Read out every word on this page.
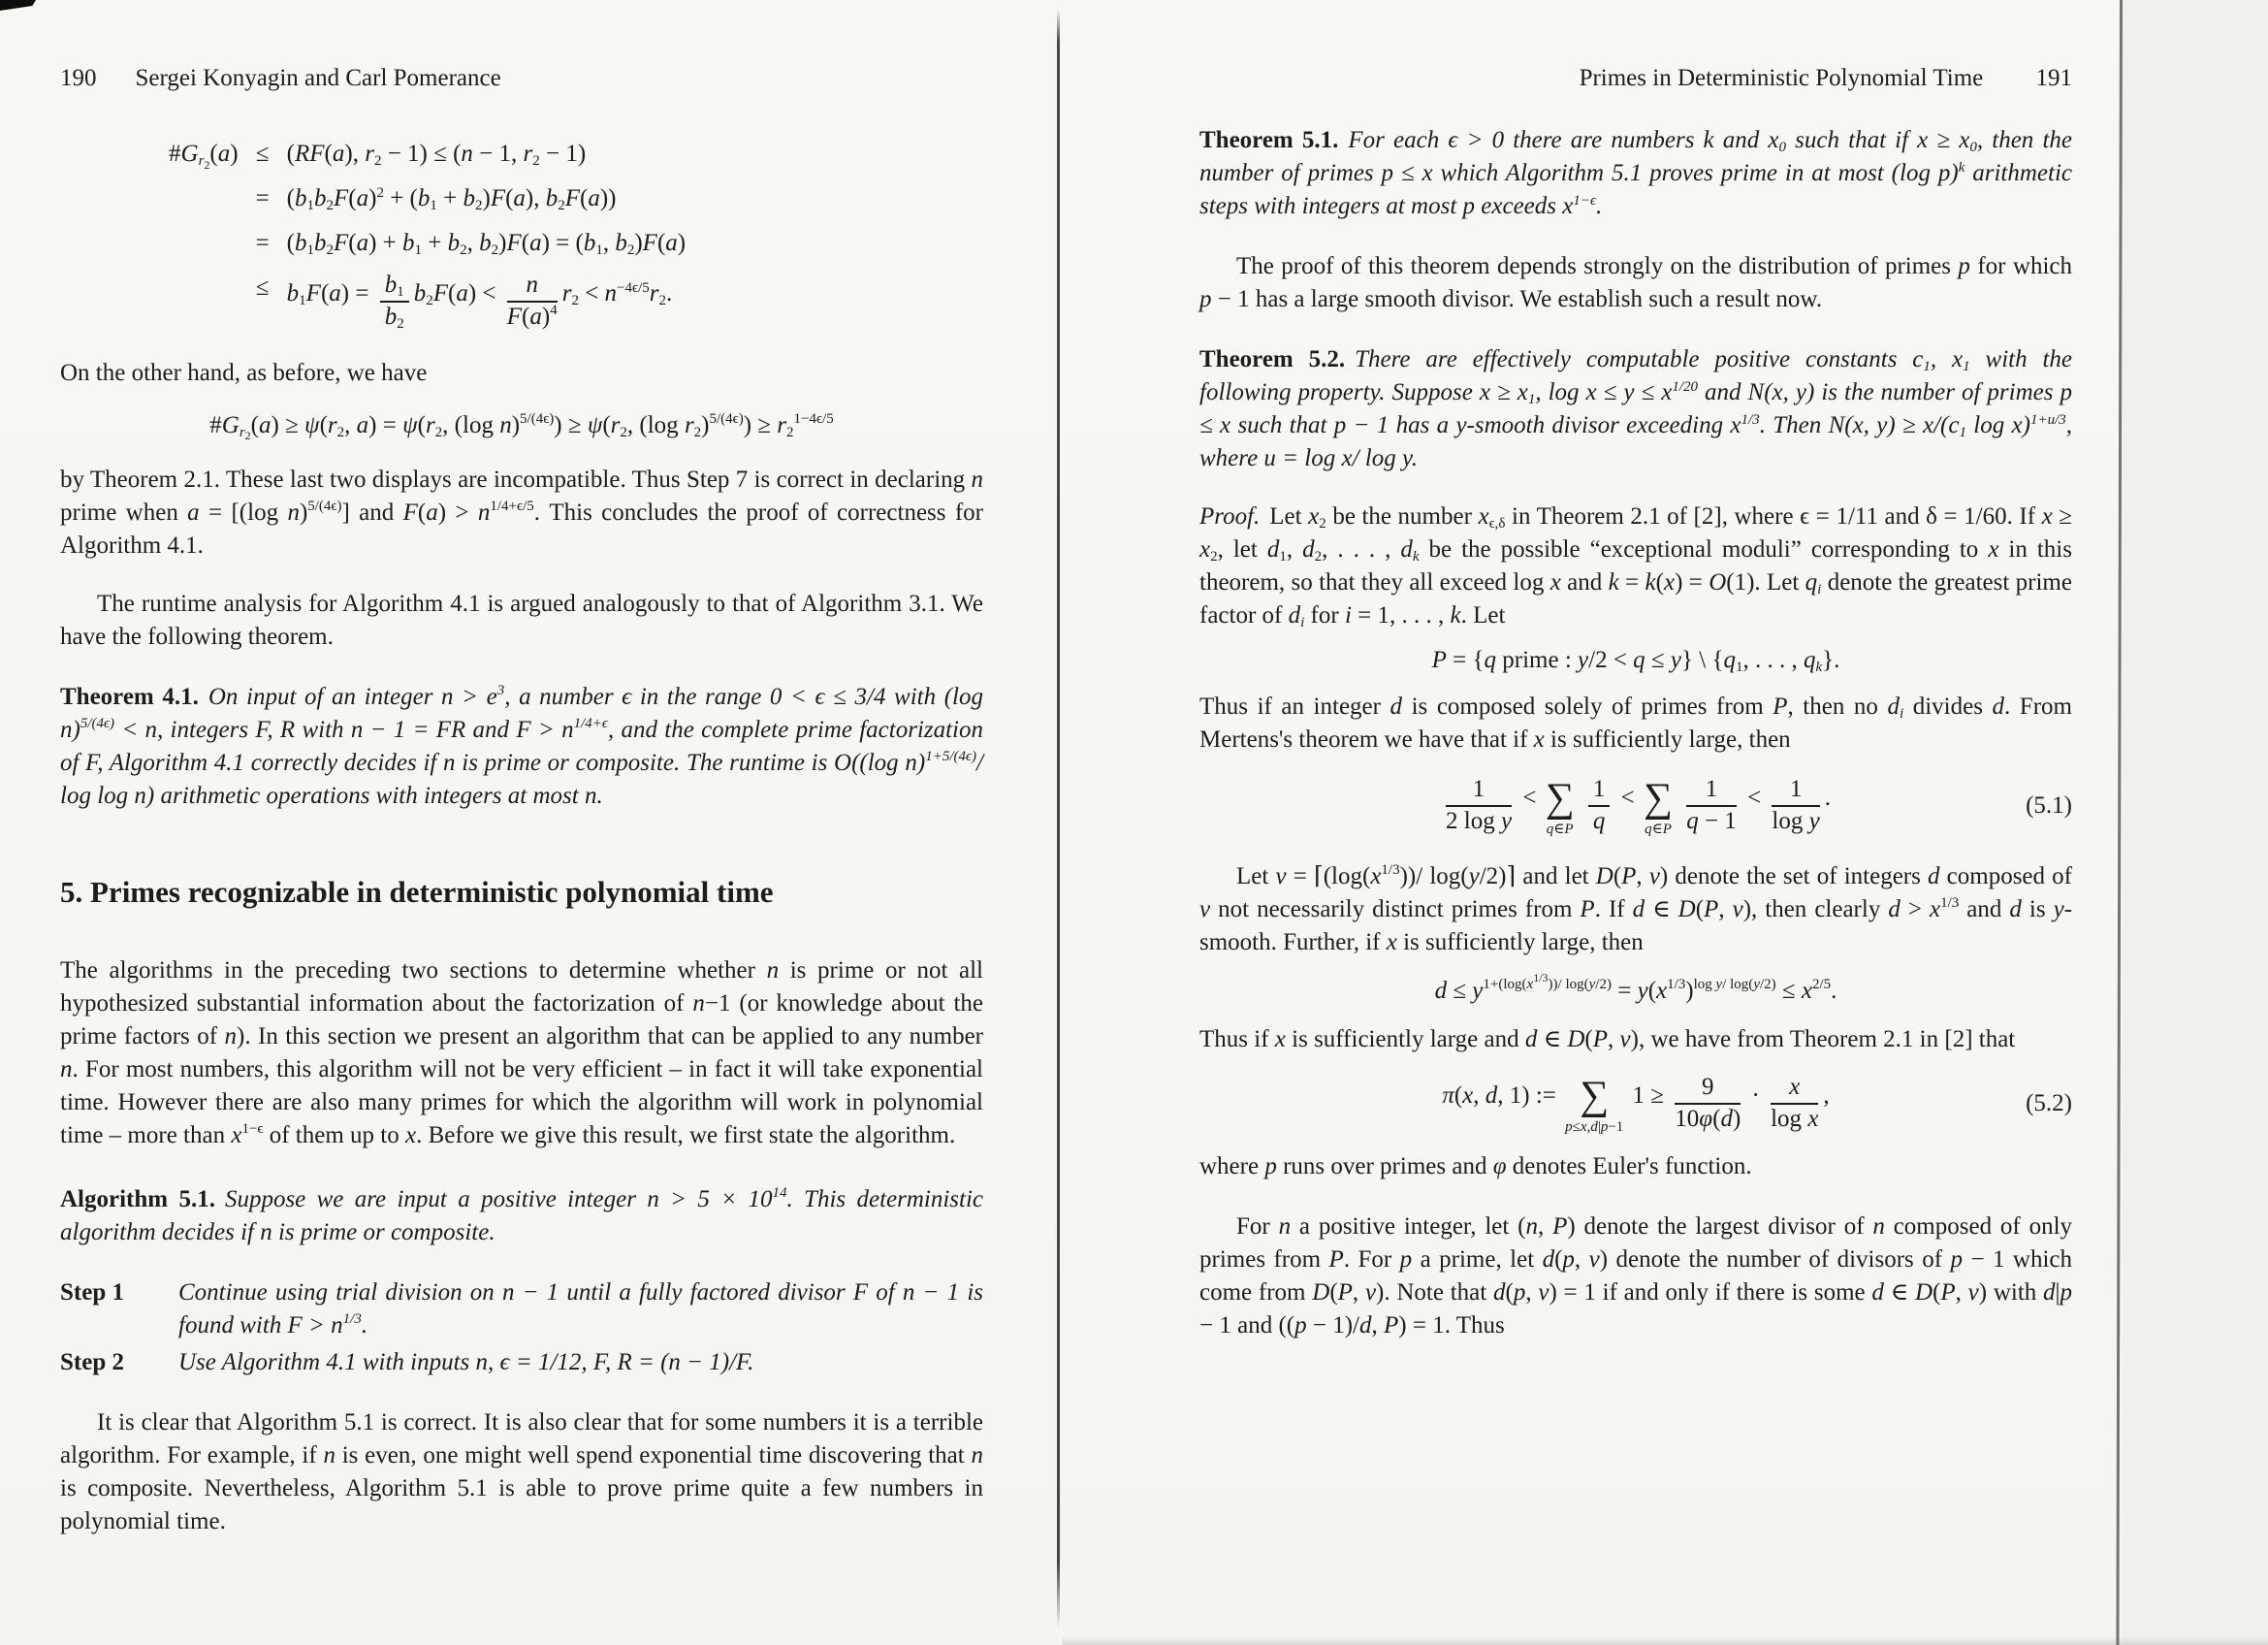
190 Sergei Konyagin and Carl Pomerance
$\#G_{r_2}(a) \le (RF(a)$, $r_2 - 1) \le (n - 1$, $r_2 - 1$)
= ($b_1b_2F(a)^2 + (b_1 + b_2)F(a)$, $b_2F(a)$)
= ($b_1b_2F(a) + b_1 + b_2$, $b_2)F(a) = (b_1$, $b_2)F(a)$
≤ $b_1F(a) = \frac{b_1}{b_2} b_2F(a) < \frac{n}{F(a)^4} r_2 < n^{-4\epsilon/5}r_2$.

On the other hand, as before, we have

$\#G_{r_2}(a) \ge \psi(r_2$, $a) = \psi(r_2$, (log $n)^{5/(4\epsilon)}) \ge \psi(r_2$, (log $r_2)^{5/(4\epsilon)}) \ge r_2^{1-4\epsilon/5}$

by Theorem 2.1. These last two displays are incompatible. Thus Step 7 is correct in declaring n prime when a = [(log n)$^{5/(4\epsilon)}$] and $F(a) > n^{1/4+\epsilon/5}$. This concludes the proof of correctness for Algorithm 4.1.

The runtime analysis for Algorithm 4.1 is argued analogously to that of Algorithm 3.1. We have the following theorem.

Theorem 4.1. On input of an integer $n > e^3$, a number ϵ in the range 0 < ϵ ≤ 3/4 with (log n)$^{5/(4\epsilon)}$ < n, integers F, R with n − 1 = FR and $F > n^{1/4+\epsilon}$, and the complete prime factorization of F, Algorithm 4.1 correctly decides if n is prime or composite. The runtime is O((log n)$^{1+5/(4\epsilon)}$/ log log n) arithmetic operations with integers at most n.

5. Primes recognizable in deterministic polynomial time

The algorithms in the preceding two sections to determine whether n is prime or not all hypothesized substantial information about the factorization of n−1 (or knowledge about the prime factors of n). In this section we present an algorithm that can be applied to any number n. For most numbers, this algorithm will not be very efficient – in fact it will take exponential time. However there are also many primes for which the algorithm will work in polynomial time – more than $x^{1-\epsilon}$ of them up to x. Before we give this result, we first state the algorithm.

Algorithm 5.1. Suppose we are input a positive integer $n > 5 \times 10^{14}$. This deterministic algorithm decides if n is prime or composite.

Step 1	Continue using trial division on n − 1 until a fully factored divisor F of n − 1 is found with $F > n^{1/3}$.
Step 2	Use Algorithm 4.1 with inputs n, ϵ = 1/12, F, R = (n − 1)/F.

It is clear that Algorithm 5.1 is correct. It is also clear that for some numbers it is a terrible algorithm. For example, if n is even, one might well spend exponential time discovering that n is composite. Nevertheless, Algorithm 5.1 is able to prove prime quite a few numbers in polynomial time.

Primes in Deterministic Polynomial Time 191

Theorem 5.1. For each ϵ > 0 there are numbers k and $x_0$ such that if $x \ge x_0$, then the number of primes p ≤ x which Algorithm 5.1 proves prime in at most (log p)$^k$ arithmetic steps with integers at most p exceeds $x^{1-\epsilon}$.

The proof of this theorem depends strongly on the distribution of primes p for which p − 1 has a large smooth divisor. We establish such a result now.

Theorem 5.2. There are effectively computable positive constants $c_1$, $x_1$ with the following property. Suppose $x \ge x_1$, $\log x \le y \le x^{1/20}$ and N(x, y) is the number of primes p ≤ x such that p − 1 has a y-smooth divisor exceeding $x^{1/3}$. Then N(x, $y) \ge x/(c_1$ log x)$^{1+u/3}$, where u = log x/ log y.

Proof. Let $x_2$ be the number $x_{\epsilon,\delta}$ in Theorem 2.1 of [2], where ϵ = 1/11 and δ = 1/60. If $x \ge x_2$, let $d_1$, $d_2$, . . . , $d_k$ be the possible “exceptional moduli” corresponding to x in this theorem, so that they all exceed log x and k = k(x) = O(1). Let $q_i$ denote the greatest prime factor of $d_i$ for i = 1, . . . , k. Let

P = {q prime : y/2 < q ≤ y} \ {$q_1$, . . . , $q_k$}.

Thus if an integer d is composed solely of primes from P, then no $d_i$ divides d. From Mertens's theorem we have that if x is sufficiently large, then

$\frac{1}{\text{2 log y}}$ < ∑
q∈P
$\frac{1}{q}$ < ∑
q∈P
$\frac{1}{q - 1} < \frac{1}{\text{log y}}$ .	(5.1)

Let $v = ⌈(\log(x^{1/3}))/$ log(y/2)⌉ and let D(P, v) denote the set of integers d composed of v not necessarily distinct primes from P. If d ∈ D(P, v), then clearly $d > x^{1/3}$ and d is y-smooth. Further, if x is sufficiently large, then

$d \le y^{1+(log(x^{1/3}))/ log(y/2)} = y(x^{1/3})^{log y/ log(y/2)} \le x^{2/5}$.

Thus if x is sufficiently large and d ∈ D(P, v), we have from Theorem 2.1 in [2] that

π(x, d, 1) := ∑
p≤x,d|p−1
$1 \ge \frac{9}{10\varphi(d)} \cdot \frac{x}{\text{log x}}$ ,	(5.2)

where p runs over primes and φ denotes Euler's function.

For n a positive integer, let (n, P) denote the largest divisor of n composed of only primes from P. For p a prime, let d(p, v) denote the number of divisors of p − 1 which come from D(P, v). Note that d(p, v) = 1 if and only if there is some d ∈ D(P, v) with d|p − 1 and ((p − 1)/d, P) = 1. Thus
